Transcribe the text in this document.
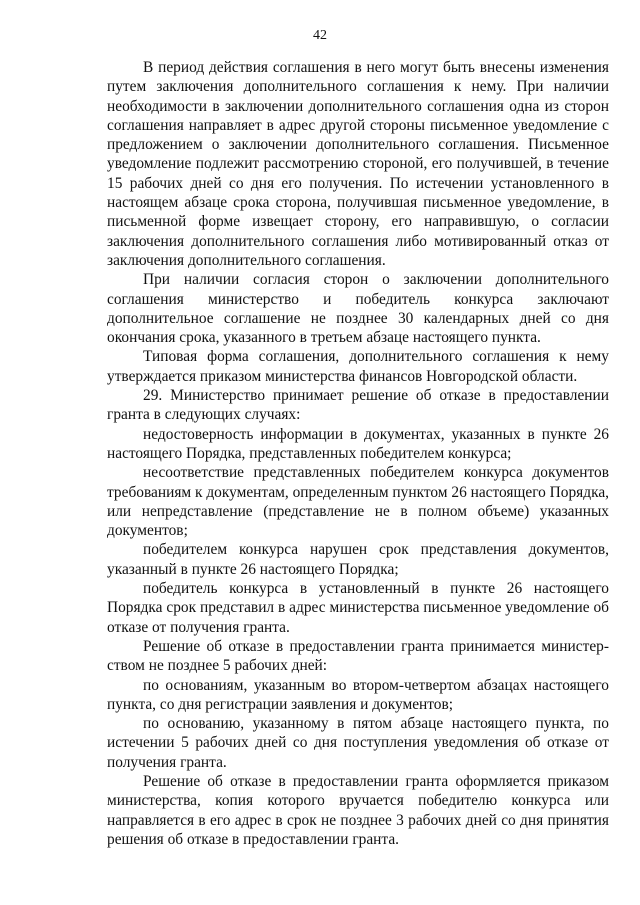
42

В период действия соглашения в него могут быть внесены изменения путем заключения дополнительного соглашения к нему. При наличии необходимости в заключении дополнительного соглашения одна из сторон соглашения направляет в адрес другой стороны письменное уведомление с предложением о заключении дополнительного соглашения. Письменное уведомление подлежит рассмотрению стороной, его получившей, в течение 15 рабочих дней со дня его получения. По истечении установленного в настоящем абзаце срока сторона, получившая письменное уведомление, в письменной форме извещает сторону, его направившую, о согласии заключения дополнительного соглашения либо мотивированный отказ от заключения дополнительного соглашения.

При наличии согласия сторон о заключении дополнительного соглашения министерство и победитель конкурса заключают дополнительное соглашение не позднее 30 календарных дней со дня окончания срока, указанного в третьем абзаце настоящего пункта.

Типовая форма соглашения, дополнительного соглашения к нему утверждается приказом министерства финансов Новгородской области.

29. Министерство принимает решение об отказе в предоставлении гранта в следующих случаях:

недостоверность информации в документах, указанных в пункте 26 настоящего Порядка, представленных победителем конкурса;

несоответствие представленных победителем конкурса документов требованиям к документам, определенным пунктом 26 настоящего Порядка, или непредставление (представление не в полном объеме) указанных документов;

победителем конкурса нарушен срок представления документов, указанный в пункте 26 настоящего Порядка;

победитель конкурса в установленный в пункте 26 настоящего Порядка срок представил в адрес министерства письменное уведомление об отказе от получения гранта.

Решение об отказе в предоставлении гранта принимается министерством не позднее 5 рабочих дней:

по основаниям, указанным во втором-четвертом абзацах настоящего пункта, со дня регистрации заявления и документов;

по основанию, указанному в пятом абзаце настоящего пункта, по истечении 5 рабочих дней со дня поступления уведомления об отказе от получения гранта.

Решение об отказе в предоставлении гранта оформляется приказом министерства, копия которого вручается победителю конкурса или направляется в его адрес в срок не позднее 3 рабочих дней со дня принятия решения об отказе в предоставлении гранта.
